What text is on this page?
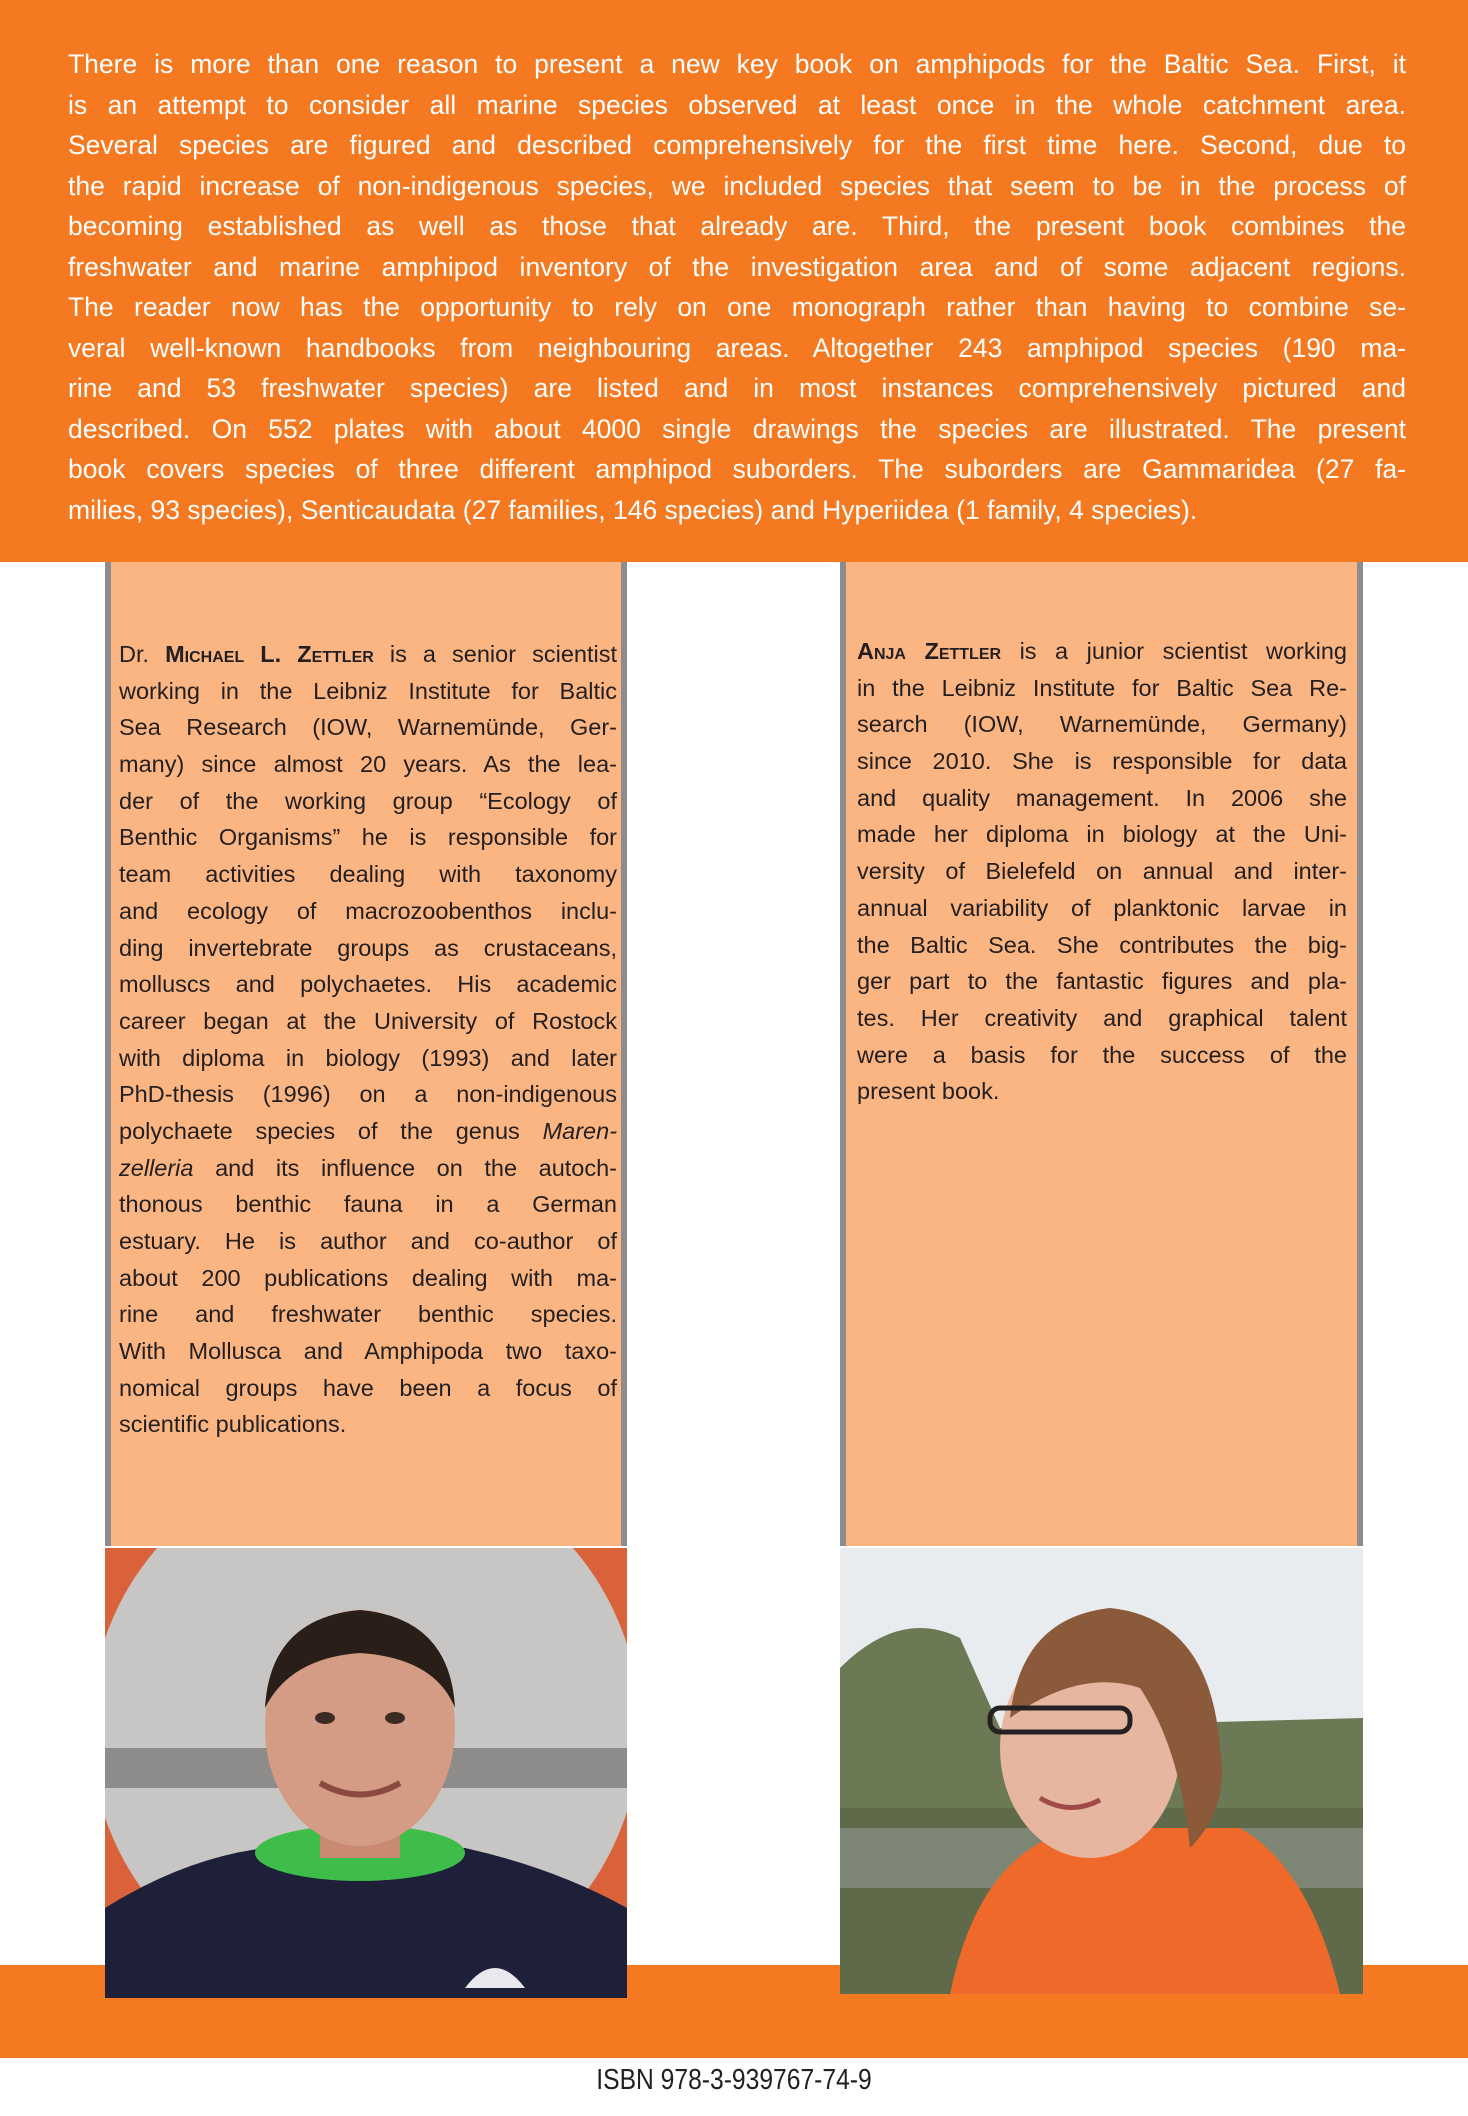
There is more than one reason to present a new key book on amphipods for the Baltic Sea. First, it
is an attempt to consider all marine species observed at least once in the whole catchment area.
Several species are figured and described comprehensively for the first time here. Second, due to
the rapid increase of non-indigenous species, we included species that seem to be in the process of
becoming established as well as those that already are. Third, the present book combines the
freshwater and marine amphipod inventory of the investigation area and of some adjacent regions.
The reader now has the opportunity to rely on one monograph rather than having to combine se-
veral well-known handbooks from neighbouring areas. Altogether 243 amphipod species (190 ma-
rine and 53 freshwater species) are listed and in most instances comprehensively pictured and
described. On 552 plates with about 4000 single drawings the species are illustrated. The present
book covers species of three different amphipod suborders. The suborders are Gammaridea (27 fa-
milies, 93 species), Senticaudata (27 families, 146 species) and Hyperiidea (1 family, 4 species).
Dr. Michael L. Zettler is a senior scientist
working in the Leibniz Institute for Baltic
Sea Research (IOW, Warnemünde, Ger-
many) since almost 20 years. As the lea-
der of the working group “Ecology of
Benthic Organisms” he is responsible for
team activities dealing with taxonomy
and ecology of macrozoobenthos inclu-
ding invertebrate groups as crustaceans,
molluscs and polychaetes. His academic
career began at the University of Rostock
with diploma in biology (1993) and later
PhD-thesis (1996) on a non-indigenous
polychaete species of the genus Maren-
zelleria and its influence on the autoch-
thonous benthic fauna in a German
estuary. He is author and co-author of
about 200 publications dealing with ma-
rine and freshwater benthic species.
With Mollusca and Amphipoda two taxo-
nomical groups have been a focus of
scientific publications.
Anja Zettler is a junior scientist working
in the Leibniz Institute for Baltic Sea Re-
search (IOW, Warnemünde, Germany)
since 2010. She is responsible for data
and quality management. In 2006 she
made her diploma in biology at the Uni-
versity of Bielefeld on annual and inter-
annual variability of planktonic larvae in
the Baltic Sea. She contributes the big-
ger part to the fantastic figures and pla-
tes. Her creativity and graphical talent
were a basis for the success of the
present book.
ISBN 978-3-939767-74-9
